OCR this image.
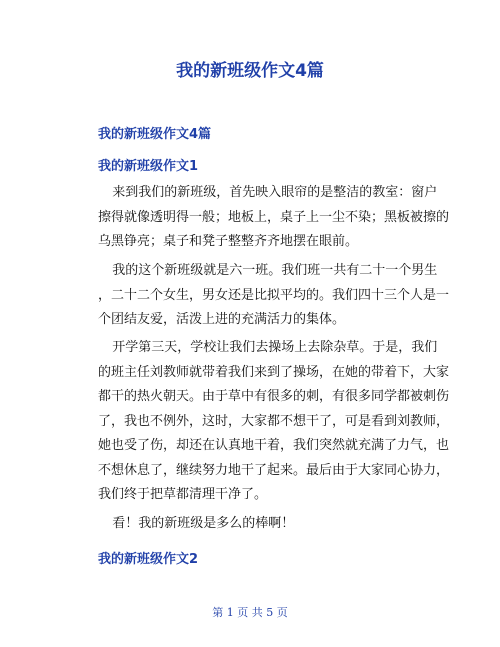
我的新班级作文4篇
我的新班级作文4篇
我的新班级作文1

来到我们的新班级，首先映入眼帘的是整洁的教室：窗户
擦得就像透明得一般；地板上，桌子上一尘不染；黑板被擦的
乌黑铮亮；桌子和凳子整整齐齐地摆在眼前。

我的这个新班级就是六一班。我们班一共有二十一个男生
，二十二个女生，男女还是比拟平均的。我们四十三个人是一
个团结友爱，活泼上进的充满活力的集体。

开学第三天，学校让我们去操场上去除杂草。于是，我们
的班主任刘教师就带着我们来到了操场，在她的带着下，大家
都干的热火朝天。由于草中有很多的刺，有很多同学都被刺伤
了，我也不例外，这时，大家都不想干了，可是看到刘教师，
她也受了伤，却还在认真地干着，我们突然就充满了力气，也
不想休息了，继续努力地干了起来。最后由于大家同心协力，
我们终于把草都清理干净了。

看！我的新班级是多么的棒啊！

我的新班级作文2
第 1 页 共 5 页
